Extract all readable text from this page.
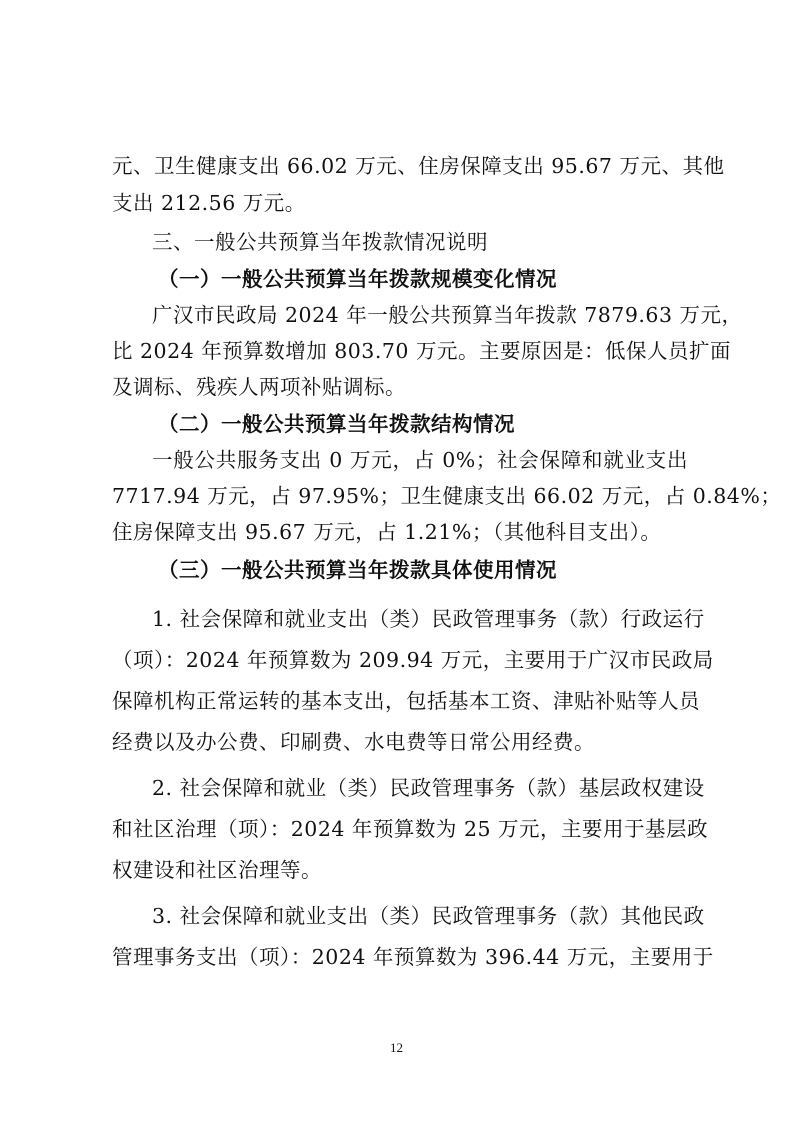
元、卫生健康支出 66.02 万元、住房保障支出 95.67 万元、其他
支出 212.56 万元。
三、一般公共预算当年拨款情况说明
（一）一般公共预算当年拨款规模变化情况
广汉市民政局 2024 年一般公共预算当年拨款 7879.63 万元，
比 2024 年预算数增加 803.70 万元。主要原因是：低保人员扩面
及调标、残疾人两项补贴调标。
（二）一般公共预算当年拨款结构情况
一般公共服务支出 0 万元，占 0%；社会保障和就业支出
7717.94 万元，占 97.95%；卫生健康支出 66.02 万元，占 0.84%；
住房保障支出 95.67 万元，占 1.21%；（其他科目支出）。
（三）一般公共预算当年拨款具体使用情况
1. 社会保障和就业支出（类）民政管理事务（款）行政运行
（项）：2024 年预算数为 209.94 万元，主要用于广汉市民政局
保障机构正常运转的基本支出，包括基本工资、津贴补贴等人员
经费以及办公费、印刷费、水电费等日常公用经费。
2. 社会保障和就业（类）民政管理事务（款）基层政权建设
和社区治理（项）：2024 年预算数为 25 万元，主要用于基层政
权建设和社区治理等。
3. 社会保障和就业支出（类）民政管理事务（款）其他民政
管理事务支出（项）：2024 年预算数为 396.44 万元，主要用于
12
